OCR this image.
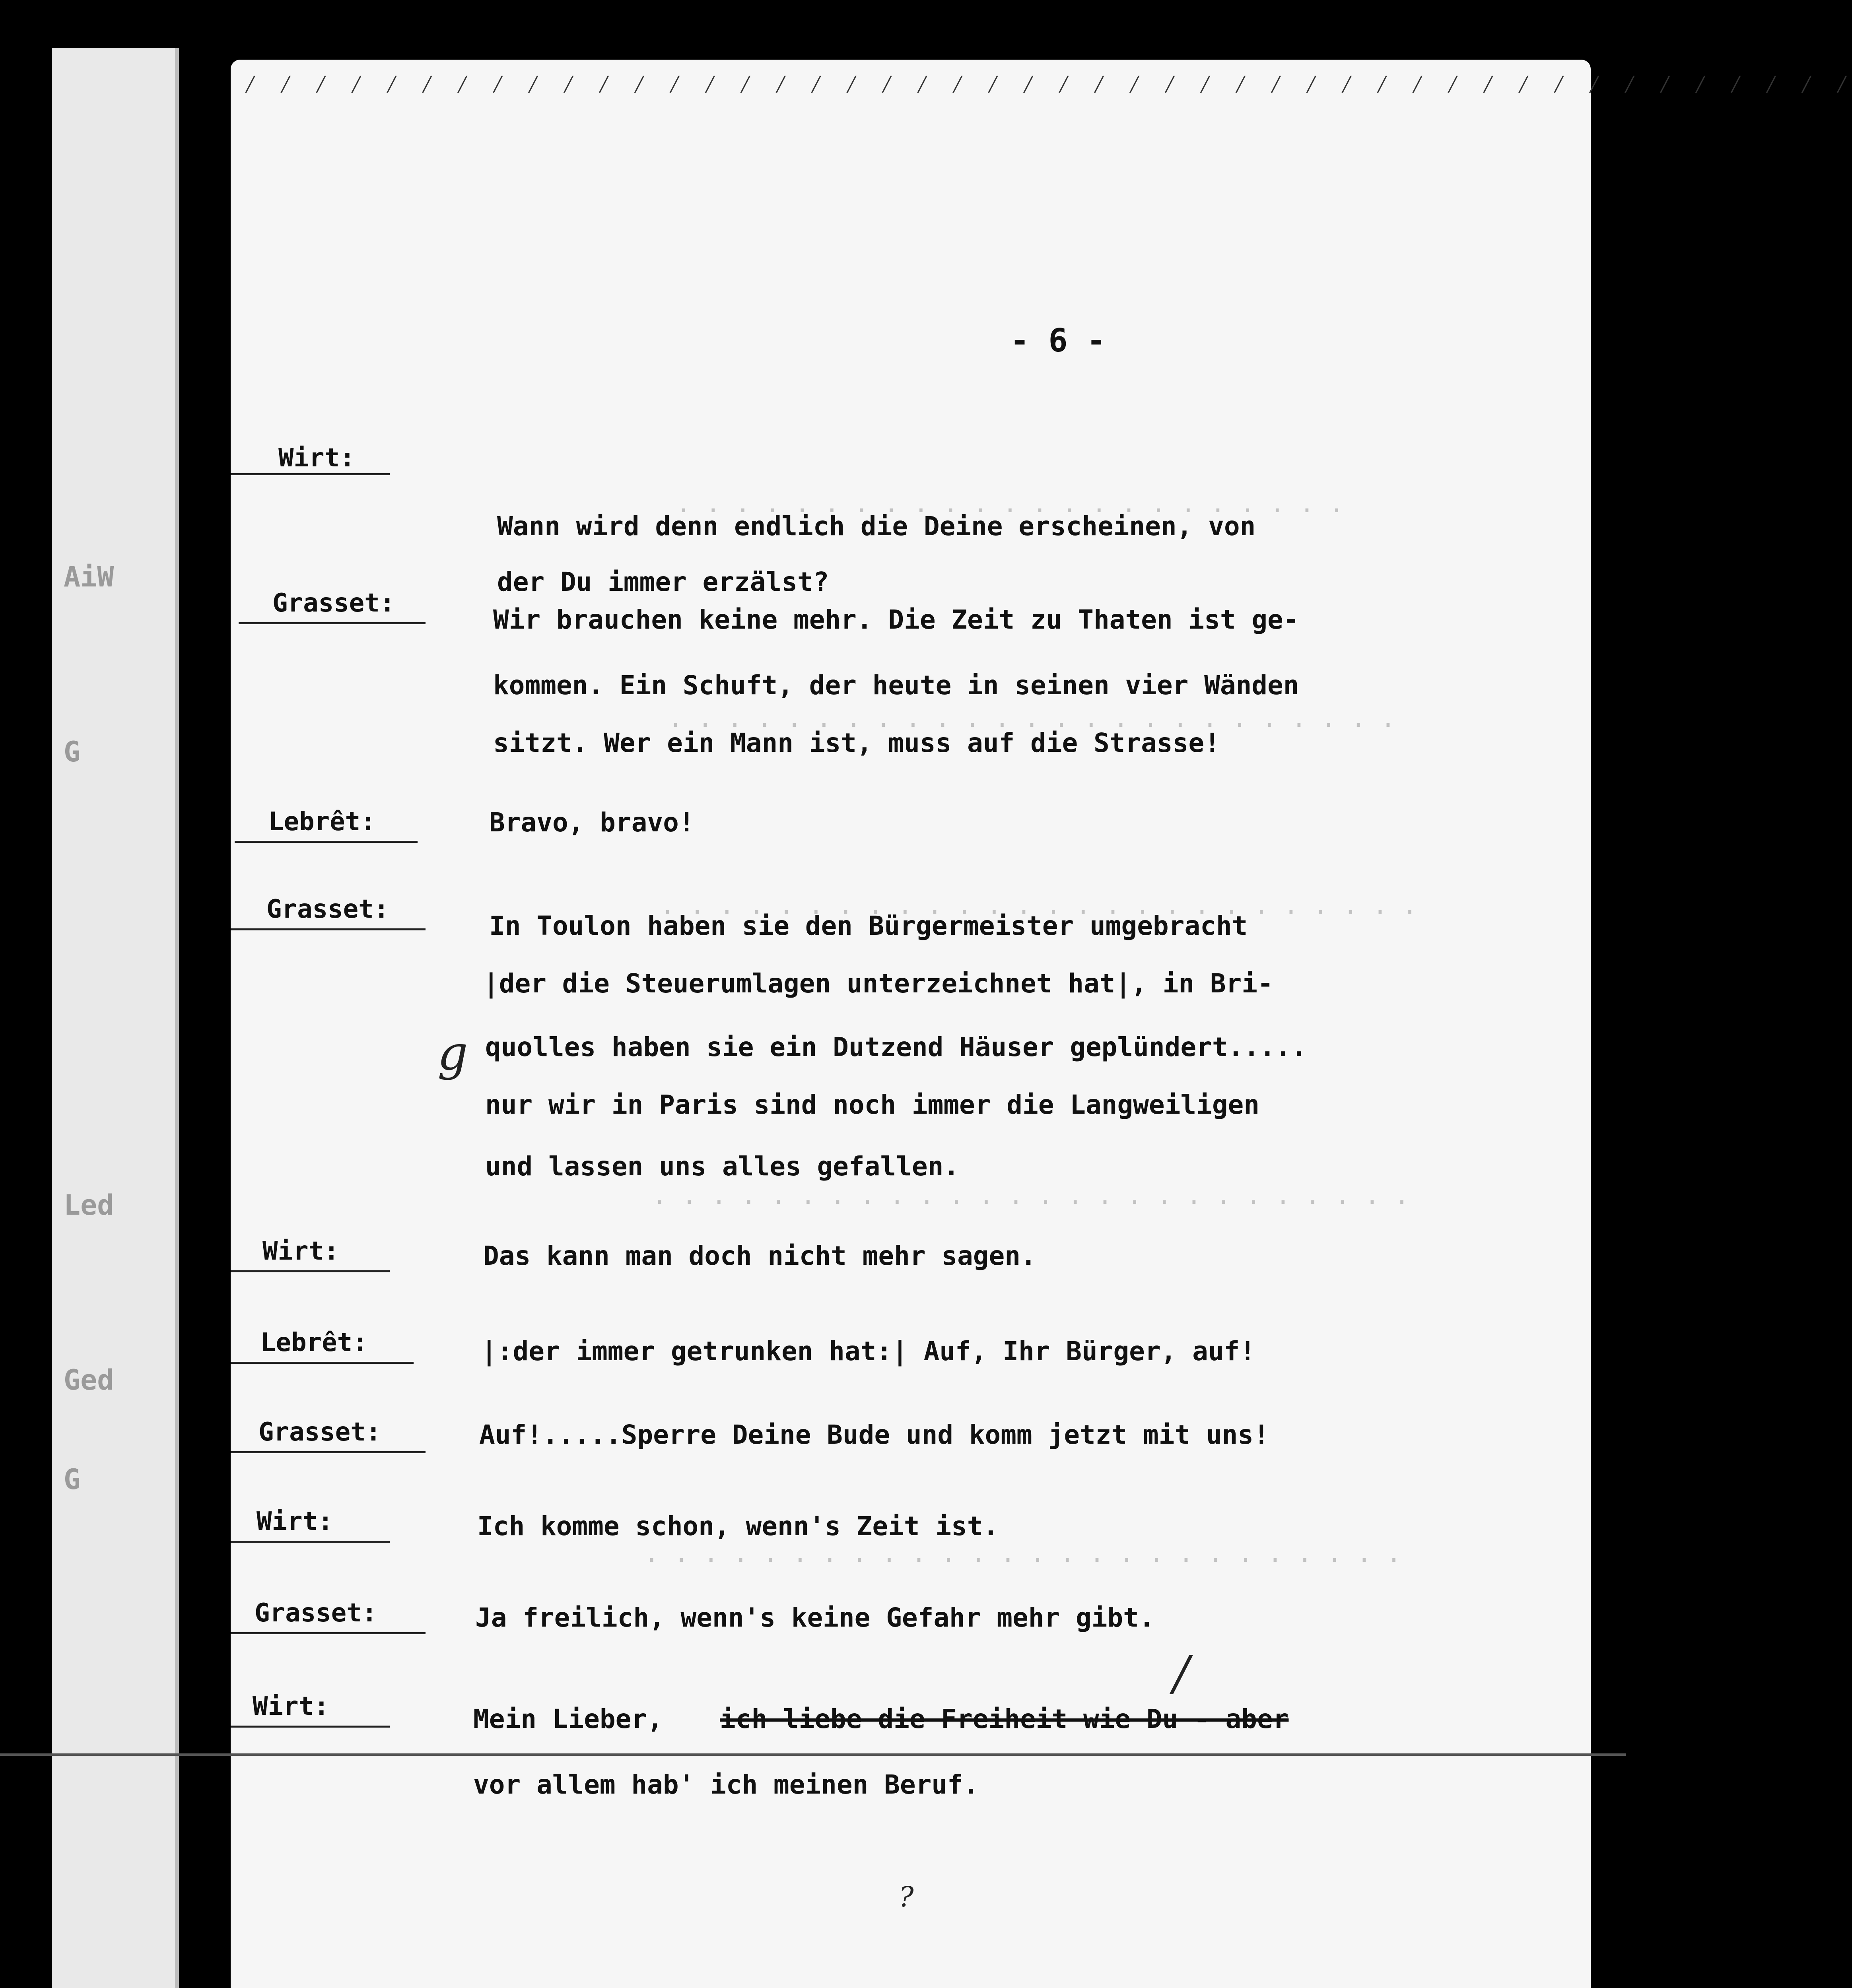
AiW
G
Led
Ged
G
⁄ ⁄ ⁄ ⁄ ⁄ ⁄ ⁄ ⁄ ⁄ ⁄ ⁄ ⁄ ⁄ ⁄ ⁄ ⁄ ⁄ ⁄ ⁄ ⁄ ⁄ ⁄ ⁄ ⁄ ⁄ ⁄ ⁄ ⁄ ⁄ ⁄ ⁄ ⁄ ⁄ ⁄ ⁄ ⁄ ⁄ ⁄ ⁄ ⁄ ⁄ ⁄ ⁄ ⁄ ⁄ ⁄
. . . . . . . . . . . . . . . . . . . . . . .
. . . . . . . . . . . . . . . . . . . . . . . . .
. . . . . . . . . . . . . . . . . . . . . . . . . .
. . . . . . . . . . . . . . . . . . . . . . . . . .
. . . . . . . . . . . . . . . . . . . . . . . . . .
- 6 -
Wirt:
Wann wird denn endlich die Deine erscheinen, von
der Du immer erzälst?
Grasset:
Wir brauchen keine mehr. Die Zeit zu Thaten ist ge-
kommen. Ein Schuft, der heute in seinen vier Wänden
sitzt. Wer ein Mann ist, muss auf die Strasse!
Lebrêt:	Bravo, bravo!
Grasset:
In Toulon haben sie den Bürgermeister umgebracht
|der die Steuerumlagen unterzeichnet hat|, in Bri-
g quolles haben sie ein Dutzend Häuser geplündert.....
nur wir in Paris sind noch immer die Langweiligen
und lassen uns alles gefallen.
Wirt:	Das kann man doch nicht mehr sagen.
Lebrêt:	|:der immer getrunken hat:| Auf, Ihr Bürger, auf!
Grasset:	Auf!.....Sperre Deine Bude und komm jetzt mit uns!
Wirt:	Ich komme schon, wenn's Zeit ist.
Grasset:	Ja freilich, wenn's keine Gefahr mehr gibt.
/
Wirt:	Mein Lieber, ich liebe die Freiheit wie Du - aber
vor allem hab' ich meinen Beruf.
?
